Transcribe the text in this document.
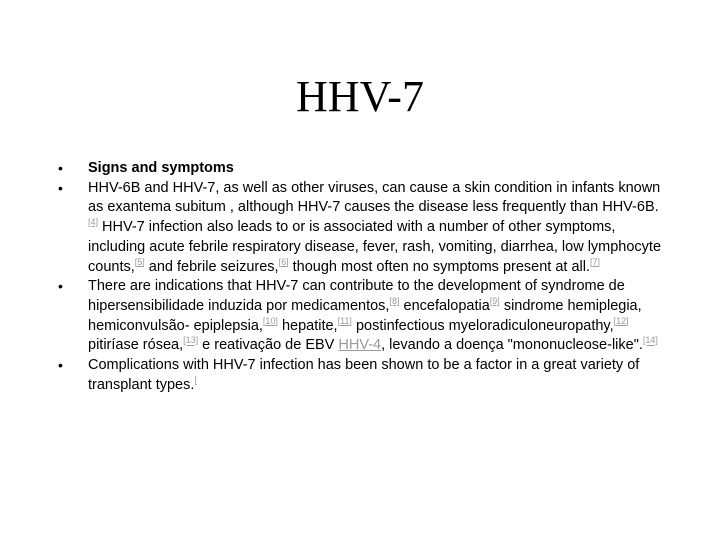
HHV-7
• Signs and symptoms
• HHV-6B and HHV-7, as well as other viruses, can cause a skin condition in infants known as exantema subitum , although HHV-7 causes the disease less frequently than HHV-6B.[4] HHV-7 infection also leads to or is associated with a number of other symptoms, including acute febrile respiratory disease, fever, rash, vomiting, diarrhea, low lymphocyte counts,[5] and febrile seizures,[6] though most often no symptoms present at all.[7]
• There are indications that HHV-7 can contribute to the development of syndrome de hipersensibilidade induzida por medicamentos,[8] encefalopatia[9] sindrome hemiplegia, hemiconvulsão- epiplepsia,[10] hepatite,[11] postinfectious myeloradiculoneuropathy,[12] pitiríase rósea,[13] e reativação de EBV HHV-4, levando a doença "mononucleose-like".[14]
• Complications with HHV-7 infection has been shown to be a factor in a great variety of transplant types.[
